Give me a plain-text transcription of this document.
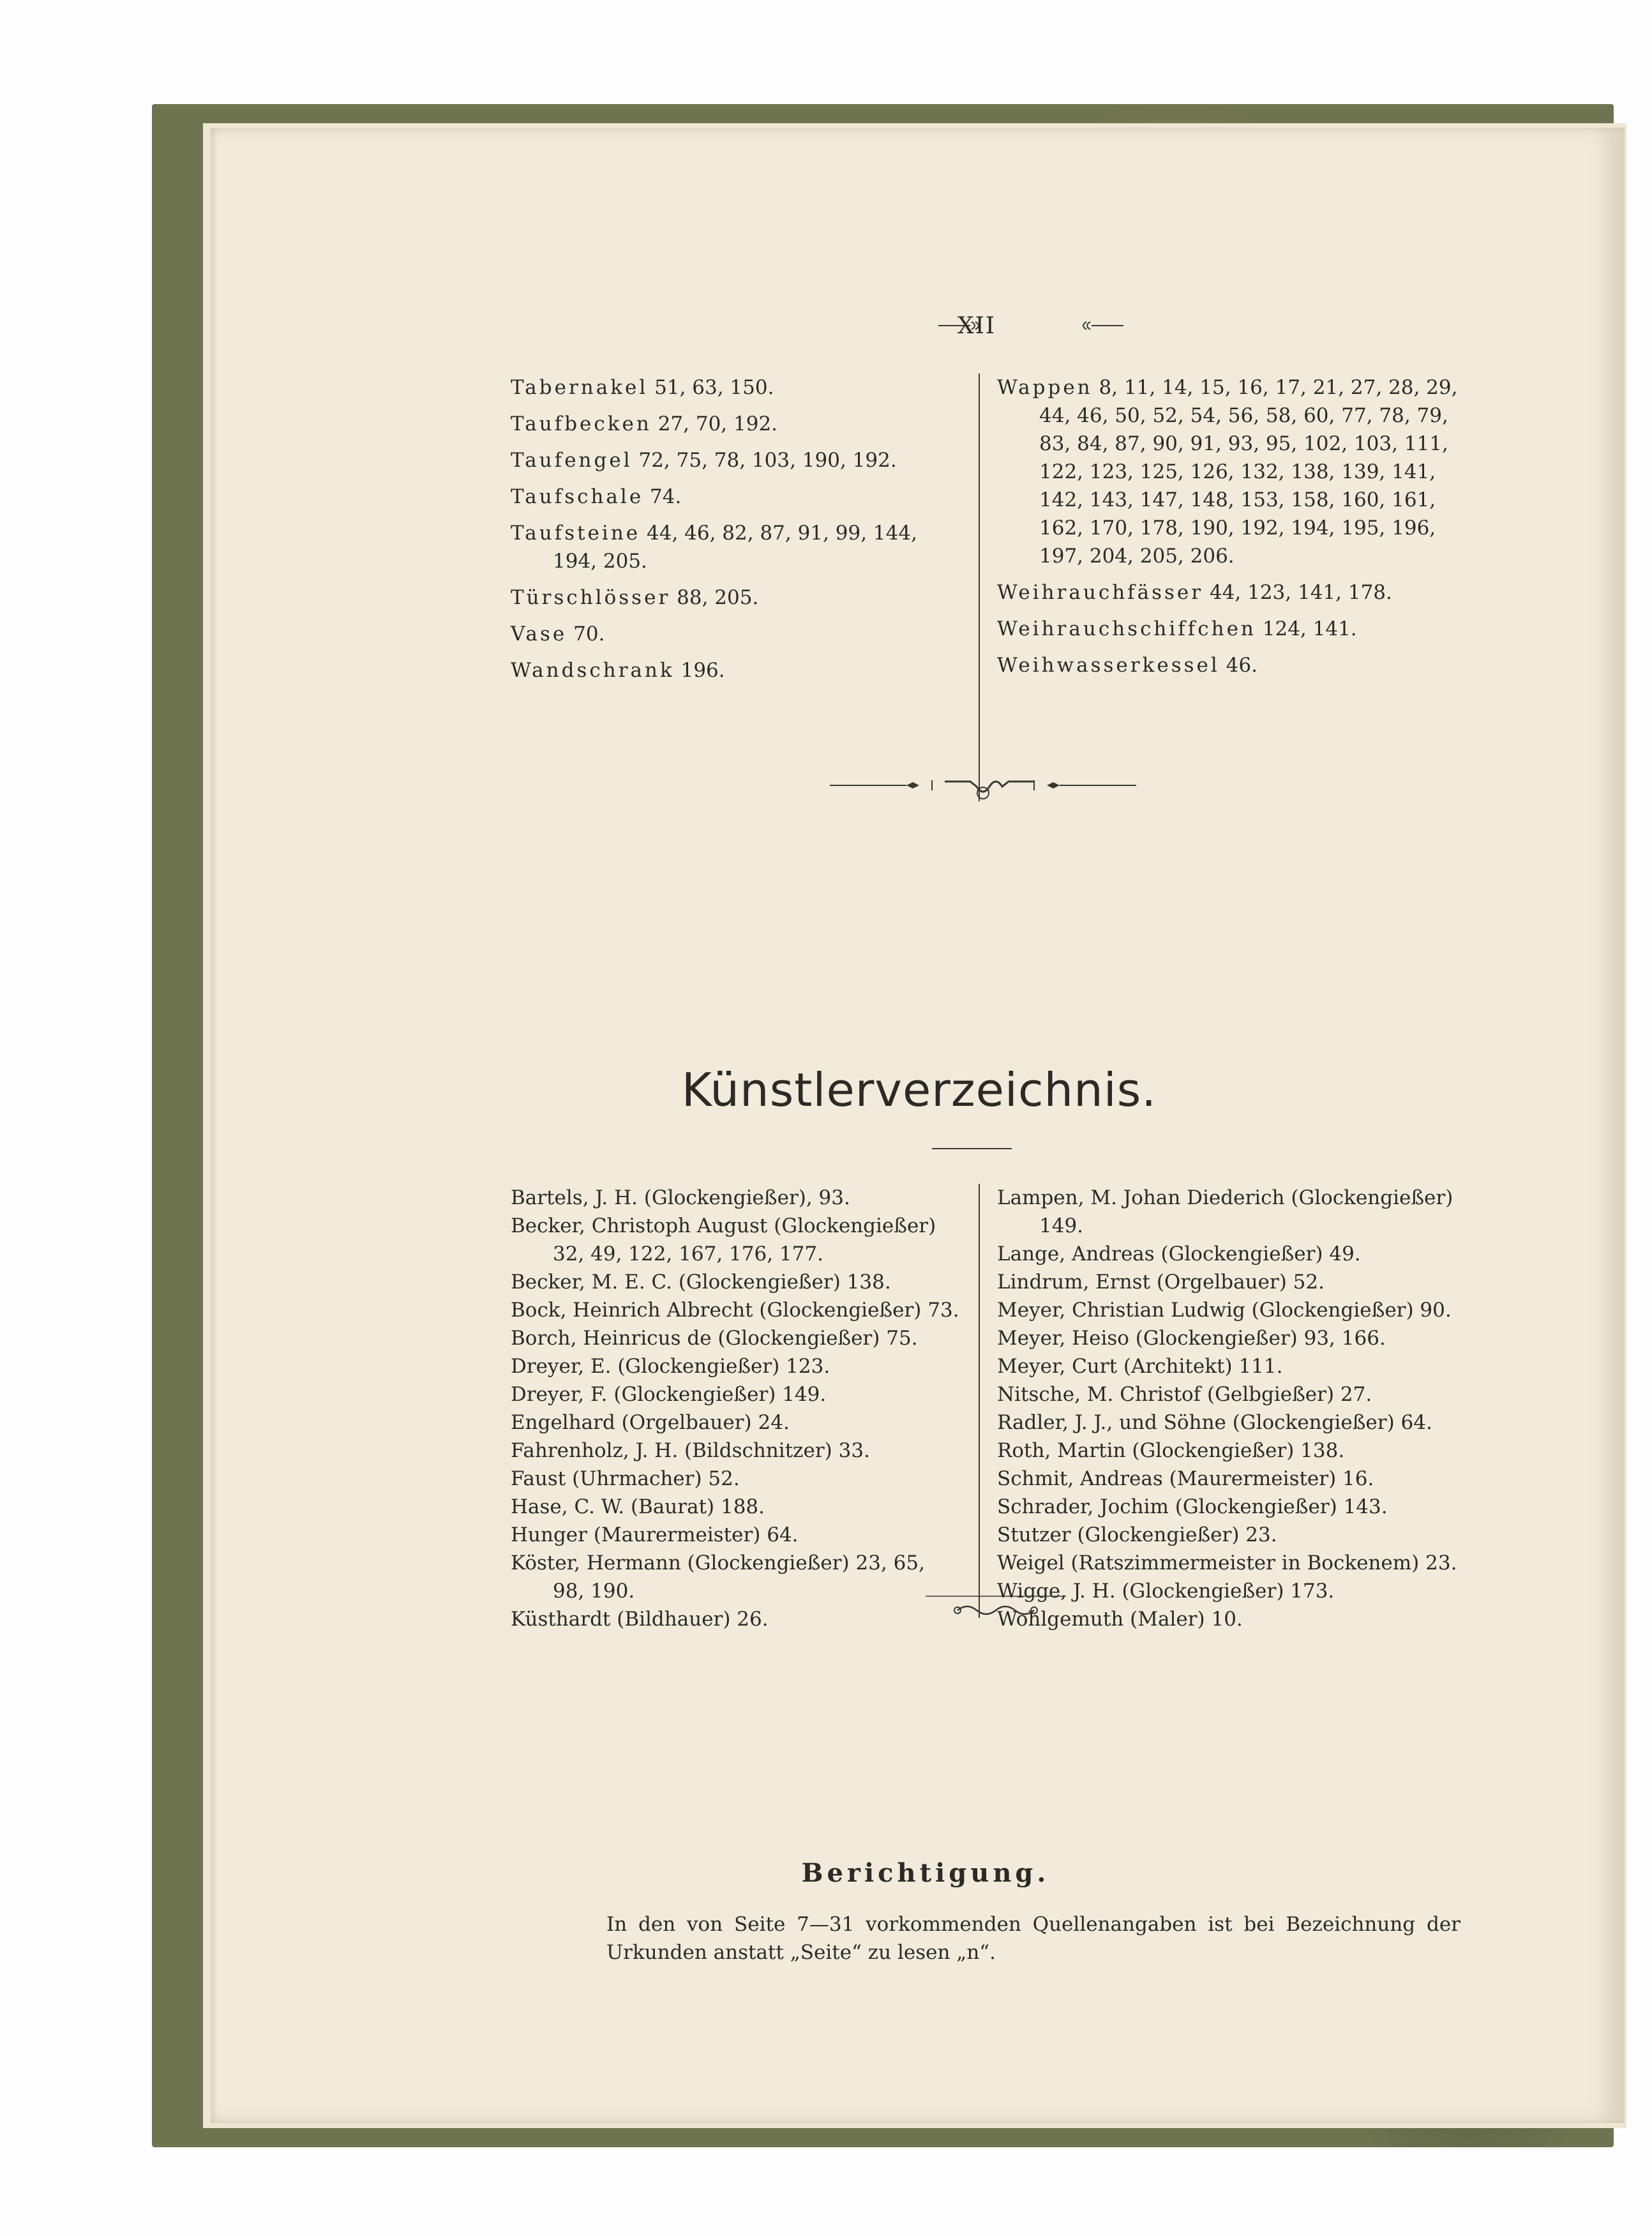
XII

Tabernakel 51, 63, 150.

Taufbecken 27, 70, 192.

Taufengel 72, 75, 78, 103, 190, 192.

Taufschale 74.

Taufsteine 44, 46, 82, 87, 91, 99, 144, 194, 205.

Türschlösser 88, 205.

Vase 70.

Wandschrank 196.

Wappen 8, 11, 14, 15, 16, 17, 21, 27, 28, 29, 44, 46, 50, 52, 54, 56, 58, 60, 77, 78, 79, 83, 84, 87, 90, 91, 93, 95, 102, 103, 111, 122, 123, 125, 126, 132, 138, 139, 141, 142, 143, 147, 148, 153, 158, 160, 161, 162, 170, 178, 190, 192, 194, 195, 196, 197, 204, 205, 206.

Weihrauchfässer 44, 123, 141, 178.

Weihrauchschiffchen 124, 141.

Weihwasserkessel 46.

Künstlerverzeichnis.

Bartels, J. H. (Glockengießer), 93.

Becker, Christoph August (Glockengießer) 32, 49, 122, 167, 176, 177.

Becker, M. E. C. (Glockengießer) 138.

Bock, Heinrich Albrecht (Glockengießer) 73.

Borch, Heinricus de (Glockengießer) 75.

Dreyer, E. (Glockengießer) 123.

Dreyer, F. (Glockengießer) 149.

Engelhard (Orgelbauer) 24.

Fahrenholz, J. H. (Bildschnitzer) 33.

Faust (Uhrmacher) 52.

Hase, C. W. (Baurat) 188.

Hunger (Maurermeister) 64.

Köster, Hermann (Glockengießer) 23, 65, 98, 190.

Küsthardt (Bildhauer) 26.

Lampen, M. Johan Diederich (Glockengießer) 149.

Lange, Andreas (Glockengießer) 49.

Lindrum, Ernst (Orgelbauer) 52.

Meyer, Christian Ludwig (Glockengießer) 90.

Meyer, Heiso (Glockengießer) 93, 166.

Meyer, Curt (Architekt) 111.

Nitsche, M. Christof (Gelbgießer) 27.

Radler, J. J., und Söhne (Glockengießer) 64.

Roth, Martin (Glockengießer) 138.

Schmit, Andreas (Maurermeister) 16.

Schrader, Jochim (Glockengießer) 143.

Stutzer (Glockengießer) 23.

Weigel (Ratszimmermeister in Bockenem) 23.

Wigge, J. H. (Glockengießer) 173.

Wohlgemuth (Maler) 10.

Berichtigung.
In den von Seite 7—31 vorkommenden Quellenangaben ist bei Bezeichnung der Urkunden anstatt „Seite“ zu lesen „n“.
